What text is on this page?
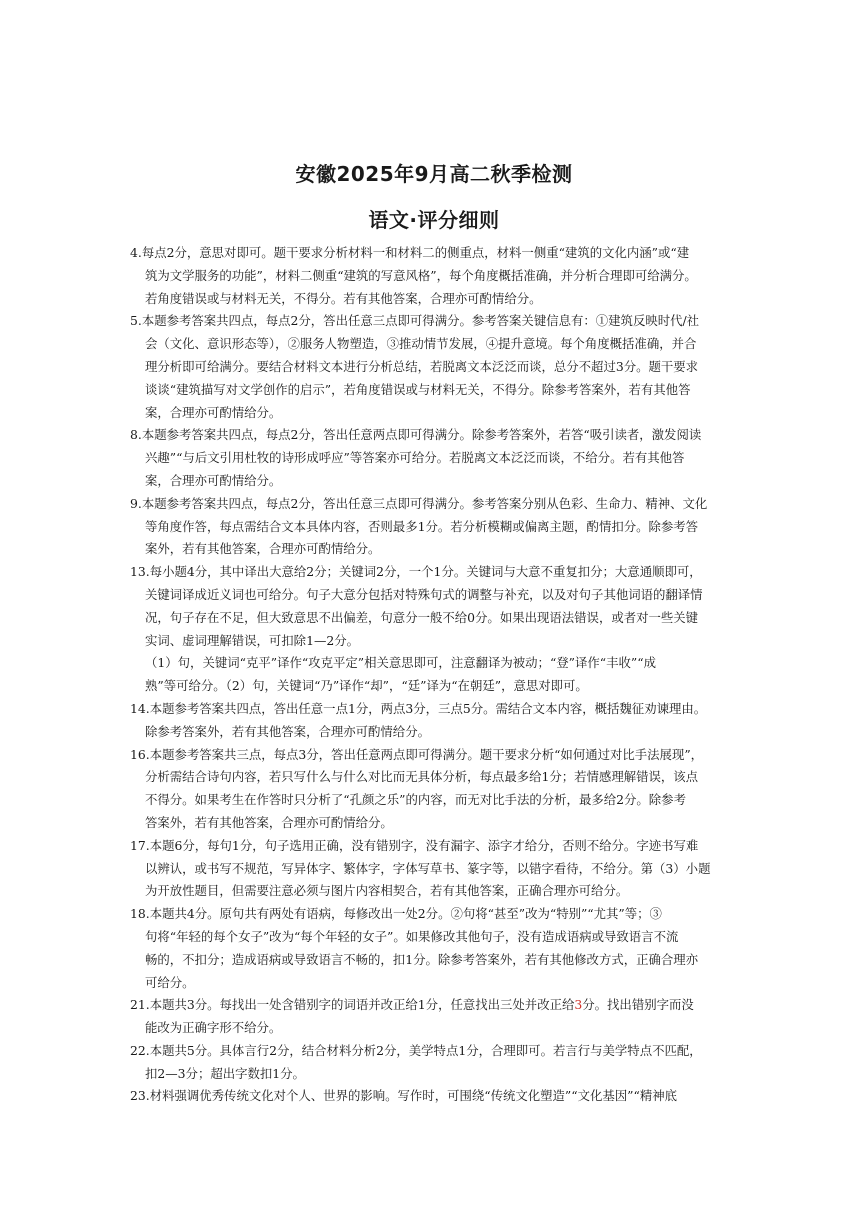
安徽2025年9月高二秋季检测
语文·评分细则
4.每点2分，意思对即可。题干要求分析材料一和材料二的侧重点，材料一侧重“建筑的文化内涵”或“建
筑为文学服务的功能”，材料二侧重“建筑的写意风格”，每个角度概括准确，并分析合理即可给满分。
若角度错误或与材料无关，不得分。若有其他答案，合理亦可酌情给分。
5.本题参考答案共四点，每点2分，答出任意三点即可得满分。参考答案关键信息有：①建筑反映时代/社
会（文化、意识形态等），②服务人物塑造，③推动情节发展，④提升意境。每个角度概括准确，并合
理分析即可给满分。要结合材料文本进行分析总结，若脱离文本泛泛而谈，总分不超过3分。题干要求
谈谈“建筑描写对文学创作的启示”，若角度错误或与材料无关，不得分。除参考答案外，若有其他答
案，合理亦可酌情给分。
8.本题参考答案共四点，每点2分，答出任意两点即可得满分。除参考答案外，若答“吸引读者，激发阅读
兴趣”“与后文引用杜牧的诗形成呼应”等答案亦可给分。若脱离文本泛泛而谈，不给分。若有其他答
案，合理亦可酌情给分。
9.本题参考答案共四点，每点2分，答出任意三点即可得满分。参考答案分别从色彩、生命力、精神、文化
等角度作答，每点需结合文本具体内容，否则最多1分。若分析模糊或偏离主题，酌情扣分。除参考答
案外，若有其他答案，合理亦可酌情给分。
13.每小题4分，其中译出大意给2分；关键词2分，一个1分。关键词与大意不重复扣分；大意通顺即可，
关键词译成近义词也可给分。句子大意分包括对特殊句式的调整与补充，以及对句子其他词语的翻译情
况，句子存在不足，但大致意思不出偏差，句意分一般不给0分。如果出现语法错误，或者对一些关键
实词、虚词理解错误，可扣除1—2分。
（1）句，关键词“克平”译作“攻克平定”相关意思即可，注意翻译为被动；“登”译作“丰收”“成
熟”等可给分。（2）句，关键词“乃”译作“却”，“廷”译为“在朝廷”，意思对即可。
14.本题参考答案共四点，答出任意一点1分，两点3分，三点5分。需结合文本内容，概括魏征劝谏理由。
除参考答案外，若有其他答案，合理亦可酌情给分。
16.本题参考答案共三点，每点3分，答出任意两点即可得满分。题干要求分析“如何通过对比手法展现”，
分析需结合诗句内容，若只写什么与什么对比而无具体分析，每点最多给1分；若情感理解错误，该点
不得分。如果考生在作答时只分析了“孔颜之乐”的内容，而无对比手法的分析，最多给2分。除参考
答案外，若有其他答案，合理亦可酌情给分。
17.本题6分，每句1分，句子选用正确，没有错别字，没有漏字、添字才给分，否则不给分。字迹书写难
以辨认，或书写不规范，写异体字、繁体字，字体写草书、篆字等，以错字看待，不给分。第（3）小题
为开放性题目，但需要注意必须与图片内容相契合，若有其他答案，正确合理亦可给分。
18.本题共4分。原句共有两处有语病，每修改出一处2分。②句将“甚至”改为“特别”“尤其”等；③
句将“年轻的每个女子”改为“每个年轻的女子”。如果修改其他句子，没有造成语病或导致语言不流
畅的，不扣分；造成语病或导致语言不畅的，扣1分。除参考答案外，若有其他修改方式，正确合理亦
可给分。
21.本题共3分。每找出一处含错别字的词语并改正给1分，任意找出三处并改正给3分。找出错别字而没
能改为正确字形不给分。
22.本题共5分。具体言行2分，结合材料分析2分，美学特点1分，合理即可。若言行与美学特点不匹配，
扣2—3分；超出字数扣1分。
23.材料强调优秀传统文化对个人、世界的影响。写作时，可围绕“传统文化塑造”“文化基因”“精神底
